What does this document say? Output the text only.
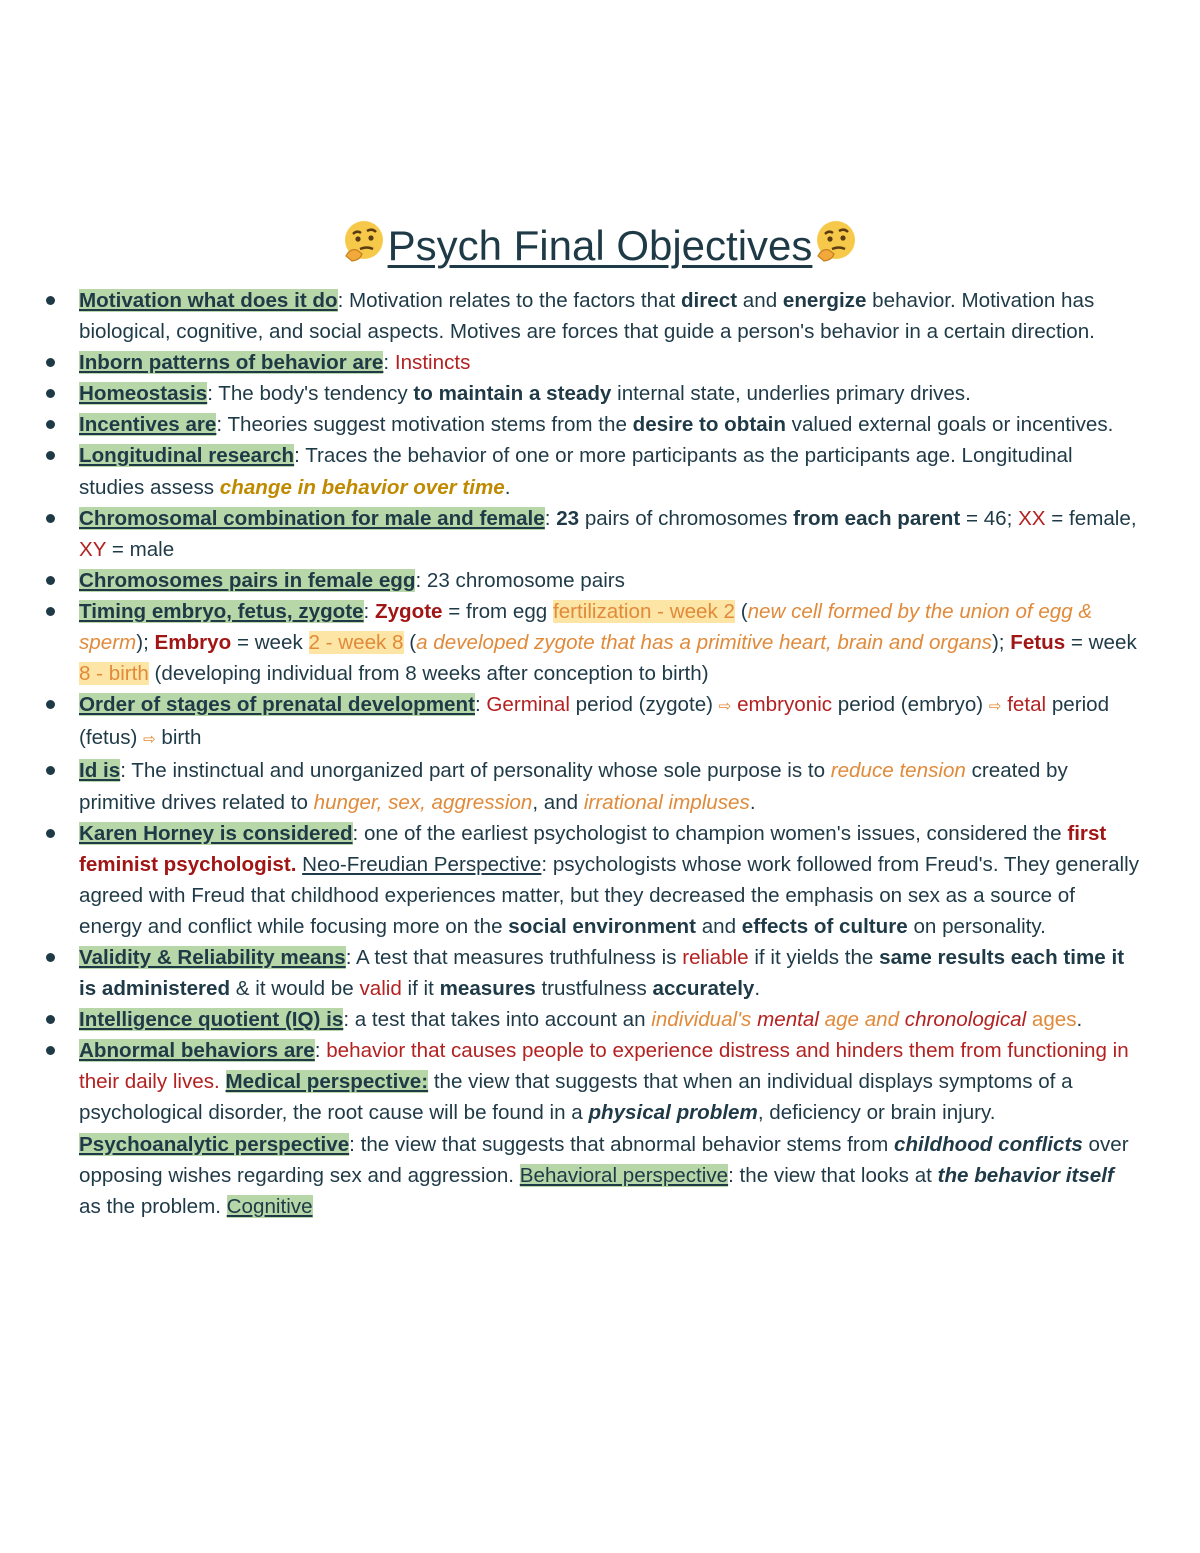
Psych Final Objectives
Motivation what does it do: Motivation relates to the factors that direct and energize behavior. Motivation has biological, cognitive, and social aspects. Motives are forces that guide a person's behavior in a certain direction.
Inborn patterns of behavior are: Instincts
Homeostasis: The body's tendency to maintain a steady internal state, underlies primary drives.
Incentives are: Theories suggest motivation stems from the desire to obtain valued external goals or incentives.
Longitudinal research: Traces the behavior of one or more participants as the participants age. Longitudinal studies assess change in behavior over time.
Chromosomal combination for male and female: 23 pairs of chromosomes from each parent = 46; XX = female, XY = male
Chromosomes pairs in female egg: 23 chromosome pairs
Timing embryo, fetus, zygote: Zygote = from egg fertilization - week 2 (new cell formed by the union of egg & sperm); Embryo = week 2 - week 8 (a developed zygote that has a primitive heart, brain and organs); Fetus = week 8 - birth (developing individual from 8 weeks after conception to birth)
Order of stages of prenatal development: Germinal period (zygote) ⇨ embryonic period (embryo) ⇨ fetal period (fetus) ⇨ birth
Id is: The instinctual and unorganized part of personality whose sole purpose is to reduce tension created by primitive drives related to hunger, sex, aggression, and irrational impluses.
Karen Horney is considered: one of the earliest psychologist to champion women's issues, considered the first feminist psychologist. Neo-Freudian Perspective: psychologists whose work followed from Freud's. They generally agreed with Freud that childhood experiences matter, but they decreased the emphasis on sex as a source of energy and conflict while focusing more on the social environment and effects of culture on personality.
Validity & Reliability means: A test that measures truthfulness is reliable if it yields the same results each time it is administered & it would be valid if it measures trustfulness accurately.
Intelligence quotient (IQ) is: a test that takes into account an individual's mental age and chronological ages.
Abnormal behaviors are: behavior that causes people to experience distress and hinders them from functioning in their daily lives. Medical perspective: the view that suggests that when an individual displays symptoms of a psychological disorder, the root cause will be found in a physical problem, deficiency or brain injury. Psychoanalytic perspective: the view that suggests that abnormal behavior stems from childhood conflicts over opposing wishes regarding sex and aggression. Behavioral perspective: the view that looks at the behavior itself as the problem. Cognitive
